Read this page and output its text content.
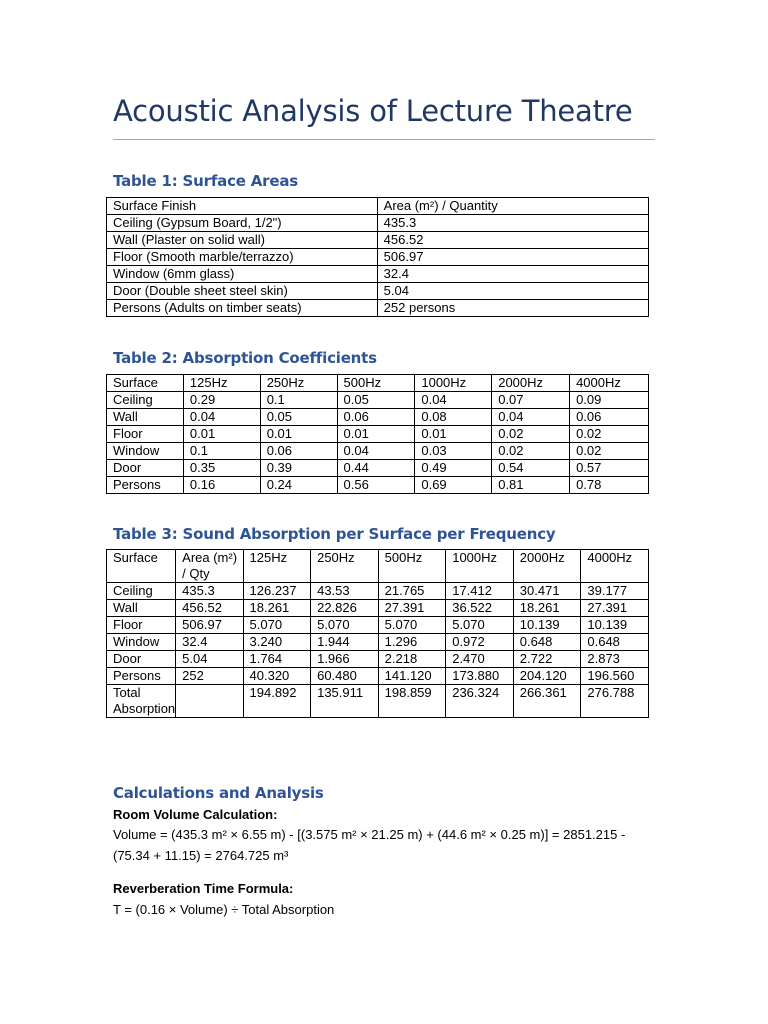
Acoustic Analysis of Lecture Theatre
Table 1: Surface Areas
Surface Finish	Area (m²) / Quantity
Ceiling (Gypsum Board, 1/2")	435.3
Wall (Plaster on solid wall)	456.52
Floor (Smooth marble/terrazzo)	506.97
Window (6mm glass)	32.4
Door (Double sheet steel skin)	5.04
Persons (Adults on timber seats)	252 persons
Table 2: Absorption Coefficients
Surface	125Hz	250Hz	500Hz	1000Hz	2000Hz	4000Hz
Ceiling	0.29	0.1	0.05	0.04	0.07	0.09
Wall	0.04	0.05	0.06	0.08	0.04	0.06
Floor	0.01	0.01	0.01	0.01	0.02	0.02
Window	0.1	0.06	0.04	0.03	0.02	0.02
Door	0.35	0.39	0.44	0.49	0.54	0.57
Persons	0.16	0.24	0.56	0.69	0.81	0.78
Table 3: Sound Absorption per Surface per Frequency
Surface	Area (m²) / Qty	125Hz	250Hz	500Hz	1000Hz	2000Hz	4000Hz
Ceiling	435.3	126.237	43.53	21.765	17.412	30.471	39.177
Wall	456.52	18.261	22.826	27.391	36.522	18.261	27.391
Floor	506.97	5.070	5.070	5.070	5.070	10.139	10.139
Window	32.4	3.240	1.944	1.296	0.972	0.648	0.648
Door	5.04	1.764	1.966	2.218	2.470	2.722	2.873
Persons	252	40.320	60.480	141.120	173.880	204.120	196.560
Total Absorption		194.892	135.911	198.859	236.324	266.361	276.788
Calculations and Analysis
Room Volume Calculation:
Volume = (435.3 m² × 6.55 m) - [(3.575 m² × 21.25 m) + (44.6 m² × 0.25 m)] = 2851.215 - (75.34 + 11.15) = 2764.725 m³
Reverberation Time Formula:
T = (0.16 × Volume) ÷ Total Absorption
